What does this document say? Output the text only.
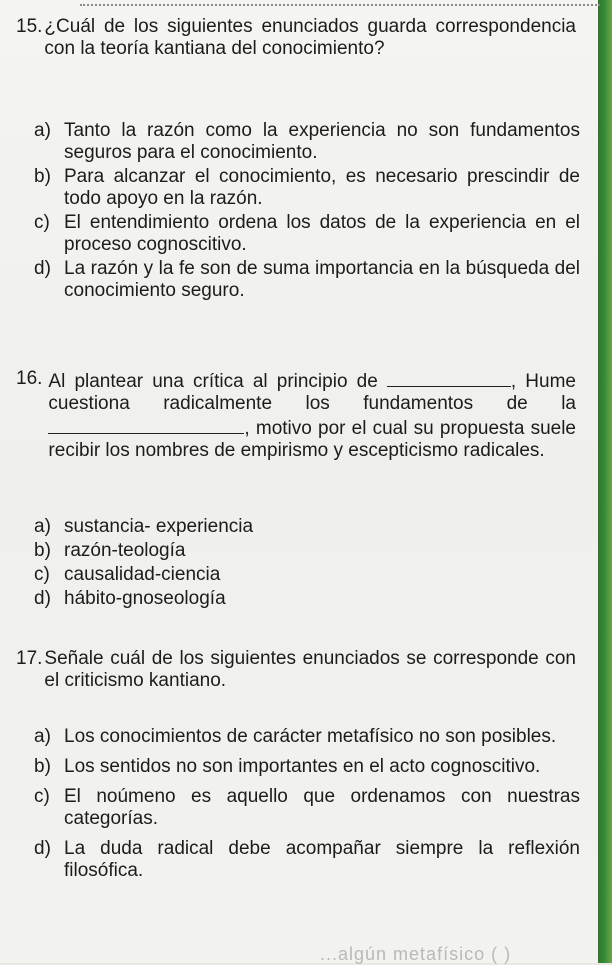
15. ¿Cuál de los siguientes enunciados guarda correspondencia con la teoría kantiana del conocimiento?
a) Tanto la razón como la experiencia no son fundamentos seguros para el conocimiento.
b) Para alcanzar el conocimiento, es necesario prescindir de todo apoyo en la razón.
c) El entendimiento ordena los datos de la experiencia en el proceso cognoscitivo.
d) La razón y la fe son de suma importancia en la búsqueda del conocimiento seguro.
16. Al plantear una crítica al principio de	, Hume cuestiona radicalmente los fundamentos de la , motivo por el cual su propuesta suele recibir los nombres de empirismo y escepticismo radicales.
a) sustancia- experiencia
b) razón-teología
c) causalidad-ciencia
d) hábito-gnoseología
17. Señale cuál de los siguientes enunciados se corresponde con el criticismo kantiano.
a) Los conocimientos de carácter metafísico no son posibles.
b) Los sentidos no son importantes en el acto cognoscitivo.
c) El noúmeno es aquello que ordenamos con nuestras categorías.
d) La duda radical debe acompañar siempre la reflexión filosófica.
...algún metafísico ( )
